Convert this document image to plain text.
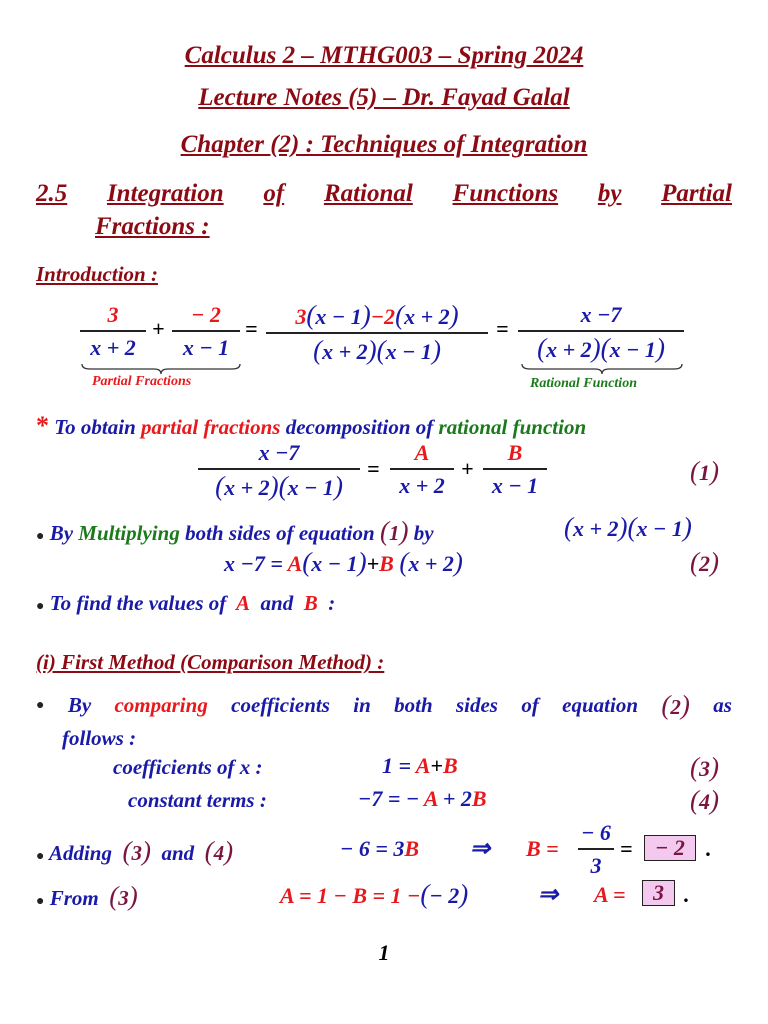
Calculus 2 – MTHG003 – Spring 2024
Lecture Notes (5) – Dr. Fayad Galal
Chapter (2) : Techniques of Integration
2.5 Integration of Rational Functions by Partial
Fractions :
Introduction :
3
x + 2
+
− 2
x − 1
=	3(x − 1)−2(x + 2)
(x + 2)(x − 1)
=
x −7
(x + 2)(x − 1)
Partial Fractions	Rational Function
* To obtain partial fractions decomposition of rational function
x −7
(x + 2)(x − 1)
=
A
x + 2
+
B
x − 1	(1)
● By Multiplying both sides of equation (1) by	(x + 2)(x − 1)
x −7 = A(x − 1)+B (x + 2)	(2)
● To find the values of A and B :
(i) First Method (Comparison Method) :
● By comparing coefficients in both sides of equation (2) as
follows :
coefficients of x :	1 = A+B	(3)
constant terms :	−7 = − A + 2B	(4)
● Adding (3) and (4)	− 6 = 3B ⇒ B =
− 6
3
=	− 2 .
● From (3)	A = 1 − B = 1 −(− 2)	⇒ A =	3 .
1
